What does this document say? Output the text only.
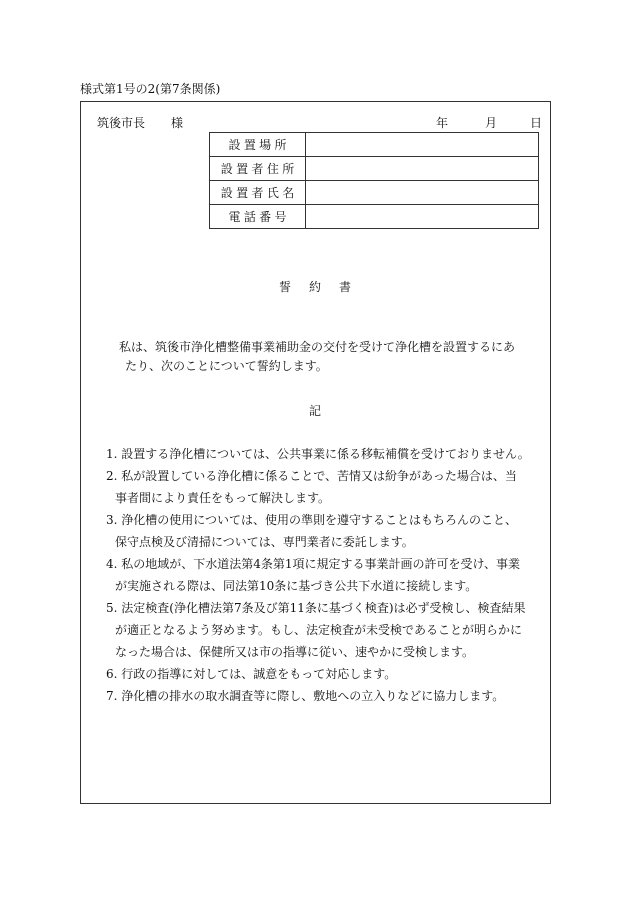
様式第1号の2(第7条関係)
筑後市長 様	年	月	日
設置場所	
設置者住所	
設置者氏名	
電話番号	
誓約書

私は、筑後市浄化槽整備事業補助金の交付を受けて浄化槽を設置するにあ

たり、次のことについて誓約します。

記
1. 設置する浄化槽については、公共事業に係る移転補償を受けておりません。
2. 私が設置している浄化槽に係ることで、苦情又は紛争があった場合は、当
事者間により責任をもって解決します。
3. 浄化槽の使用については、使用の準則を遵守することはもちろんのこと、
保守点検及び清掃については、専門業者に委託します。
4. 私の地域が、下水道法第4条第1項に規定する事業計画の許可を受け、事業
が実施される際は、同法第10条に基づき公共下水道に接続します。
5. 法定検査(浄化槽法第7条及び第11条に基づく検査)は必ず受検し、検査結果
が適正となるよう努めます。もし、法定検査が未受検であることが明らかに
なった場合は、保健所又は市の指導に従い、速やかに受検します。
6. 行政の指導に対しては、誠意をもって対応します。
7. 浄化槽の排水の取水調査等に際し、敷地への立入りなどに協力します。
